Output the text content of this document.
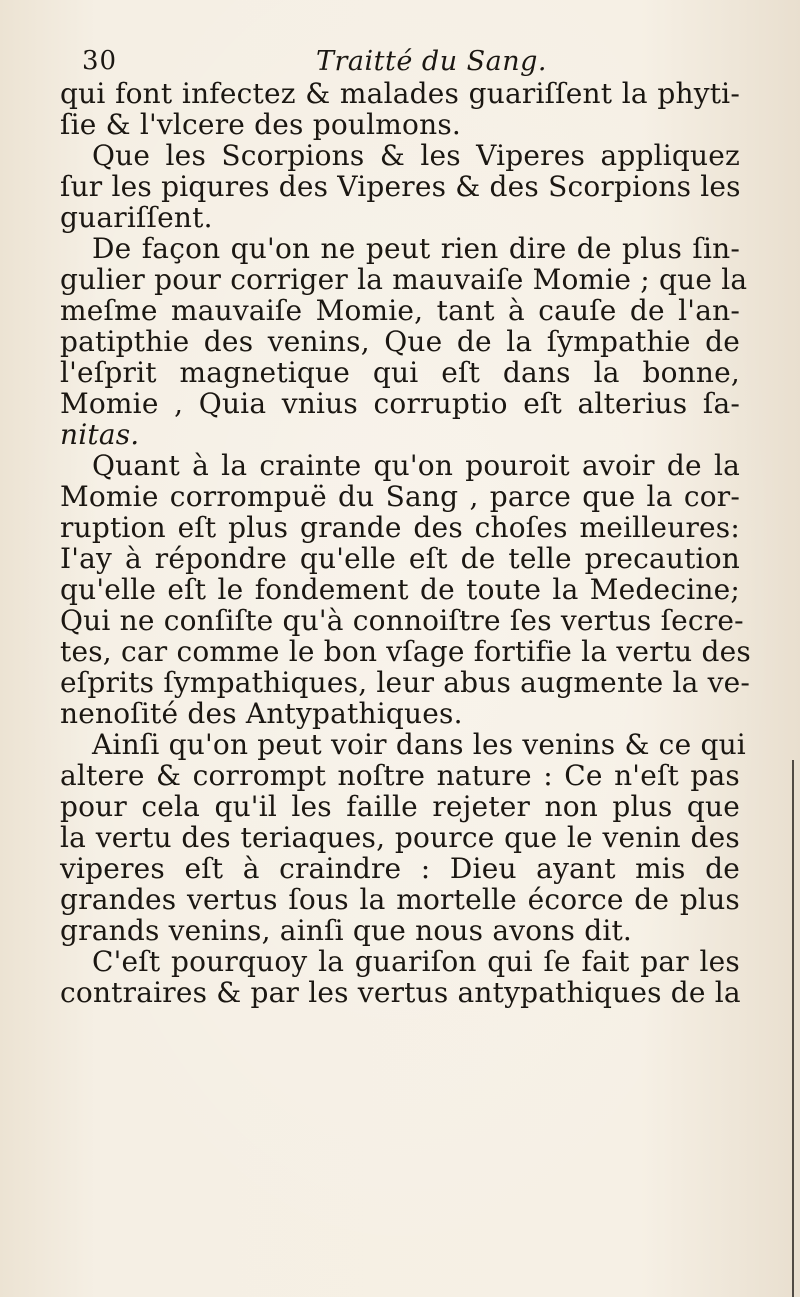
30	Traitté du Sang.
qui font infectez & malades guariſſent la phyti-
ſie & l'vlcere des poulmons.
Que les Scorpions & les Viperes appliquez
ſur les piqures des Viperes & des Scorpions les
guariſſent.
De façon qu'on ne peut rien dire de plus ſin-
gulier pour corriger la mauvaiſe Momie ; que la
meſme mauvaiſe Momie, tant à cauſe de l'an-
patipthie des venins, Que de la ſympathie de
l'eſprit magnetique qui eſt dans la bonne,
Momie , Quia vnius corruptio eſt alterius ſa-
nitas.
Quant à la crainte qu'on pouroit avoir de la
Momie corrompuë du Sang , parce que la cor-
ruption eſt plus grande des choſes meilleures:
I'ay à répondre qu'elle eſt de telle precaution
qu'elle eſt le fondement de toute la Medecine;
Qui ne conſiſte qu'à connoiſtre ſes vertus ſecre-
tes, car comme le bon vſage fortifie la vertu des
eſprits ſympathiques, leur abus augmente la ve-
nenoſité des Antypathiques.
Ainſi qu'on peut voir dans les venins & ce qui
altere & corrompt noſtre nature : Ce n'eſt pas
pour cela qu'il les faille rejeter non plus que
la vertu des teriaques, pource que le venin des
viperes eſt à craindre : Dieu ayant mis de
grandes vertus ſous la mortelle écorce de plus
grands venins, ainſi que nous avons dit.
C'eſt pourquoy la guariſon qui ſe fait par les
contraires & par les vertus antypathiques de la
